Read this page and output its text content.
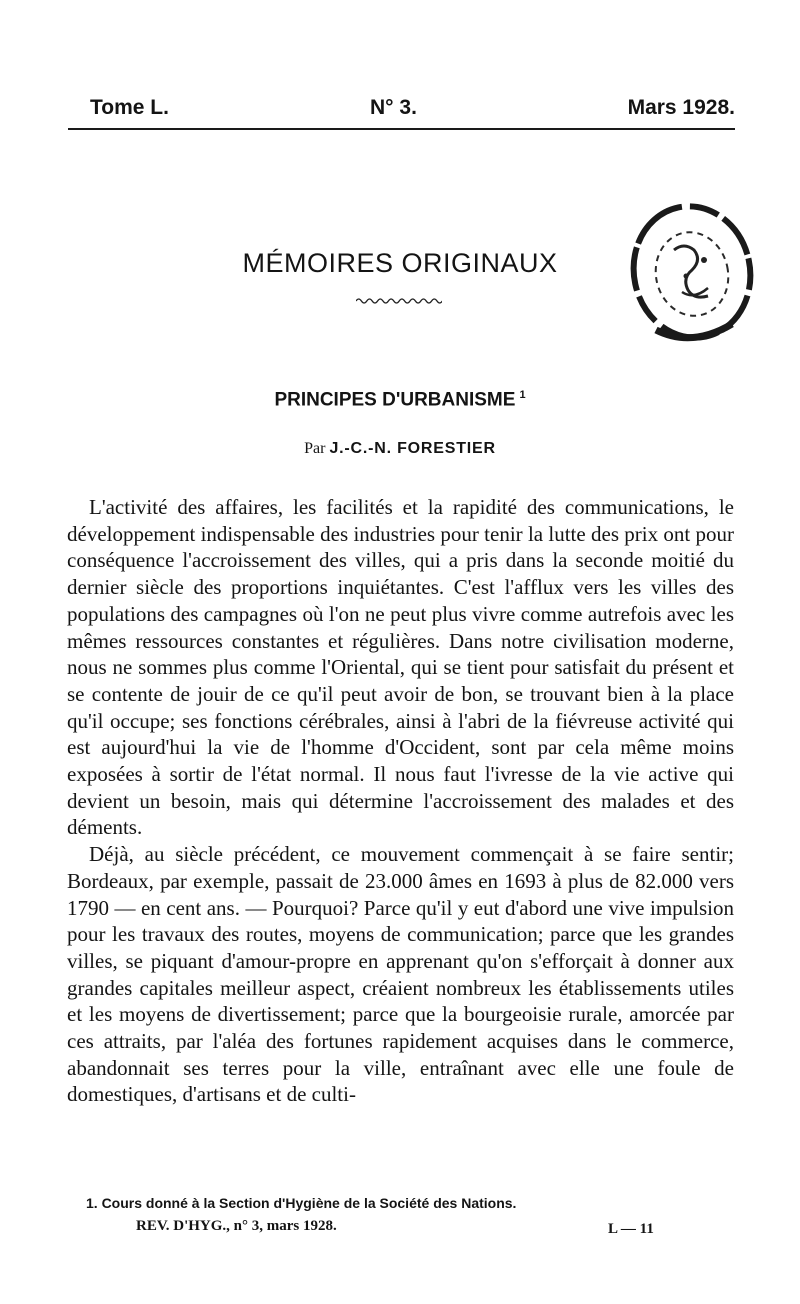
Tome L.	N° 3.	Mars 1928.
MÉMOIRES ORIGINAUX
PRINCIPES D'URBANISME $^1$
Par J.-C.-N. FORESTIER

L'activité des affaires, les facilités et la rapidité des communications, le développement indispensable des industries pour tenir la lutte des prix ont pour conséquence l'accroissement des villes, qui a pris dans la seconde moitié du dernier siècle des proportions inquiétantes. C'est l'afflux vers les villes des populations des campagnes où l'on ne peut plus vivre comme autrefois avec les mêmes ressources constantes et régulières. Dans notre civilisation moderne, nous ne sommes plus comme l'Oriental, qui se tient pour satisfait du présent et se contente de jouir de ce qu'il peut avoir de bon, se trouvant bien à la place qu'il occupe; ses fonctions cérébrales, ainsi à l'abri de la fiévreuse activité qui est aujourd'hui la vie de l'homme d'Occident, sont par cela même moins exposées à sortir de l'état normal. Il nous faut l'ivresse de la vie active qui devient un besoin, mais qui détermine l'accroissement des malades et des déments.

Déjà, au siècle précédent, ce mouvement commençait à se faire sentir; Bordeaux, par exemple, passait de 23.000 âmes en 1693 à plus de 82.000 vers 1790 — en cent ans. — Pourquoi? Parce qu'il y eut d'abord une vive impulsion pour les travaux des routes, moyens de communication; parce que les grandes villes, se piquant d'amour-propre en apprenant qu'on s'efforçait à donner aux grandes capitales meilleur aspect, créaient nombreux les établissements utiles et les moyens de divertissement; parce que la bourgeoisie rurale, amorcée par ces attraits, par l'aléa des fortunes rapidement acquises dans le commerce, abandonnait ses terres pour la ville, entraînant avec elle une foule de domestiques, d'artisans et de culti-

1. Cours donné à la Section d'Hygiène de la Société des Nations.
REV. D'HYG., n° 3, mars 1928.	L — 11
